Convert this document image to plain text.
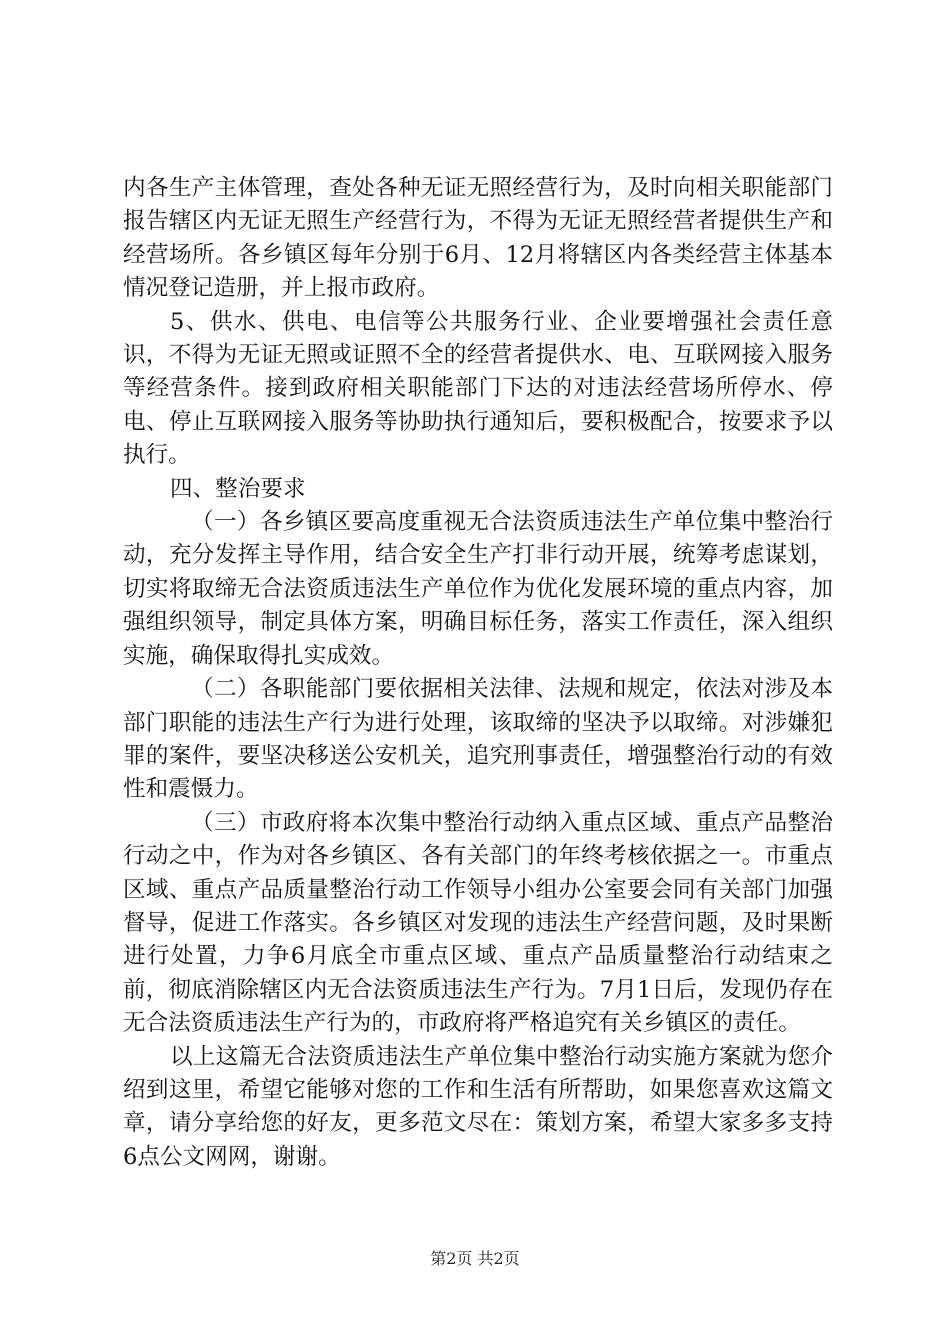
内各生产主体管理，查处各种无证无照经营行为，及时向相关职能部门报告辖区内无证无照生产经营行为，不得为无证无照经营者提供生产和经营场所。各乡镇区每年分别于6月、12月将辖区内各类经营主体基本情况登记造册，并上报市政府。

5、供水、供电、电信等公共服务行业、企业要增强社会责任意识，不得为无证无照或证照不全的经营者提供水、电、互联网接入服务等经营条件。接到政府相关职能部门下达的对违法经营场所停水、停电、停止互联网接入服务等协助执行通知后，要积极配合，按要求予以执行。

四、整治要求

（一）各乡镇区要高度重视无合法资质违法生产单位集中整治行动，充分发挥主导作用，结合安全生产打非行动开展，统筹考虑谋划，切实将取缔无合法资质违法生产单位作为优化发展环境的重点内容，加强组织领导，制定具体方案，明确目标任务，落实工作责任，深入组织实施，确保取得扎实成效。

（二）各职能部门要依据相关法律、法规和规定，依法对涉及本部门职能的违法生产行为进行处理，该取缔的坚决予以取缔。对涉嫌犯罪的案件，要坚决移送公安机关，追究刑事责任，增强整治行动的有效性和震慑力。

（三）市政府将本次集中整治行动纳入重点区域、重点产品整治行动之中，作为对各乡镇区、各有关部门的年终考核依据之一。市重点区域、重点产品质量整治行动工作领导小组办公室要会同有关部门加强督导，促进工作落实。各乡镇区对发现的违法生产经营问题，及时果断进行处置，力争6月底全市重点区域、重点产品质量整治行动结束之前，彻底消除辖区内无合法资质违法生产行为。7月1日后，发现仍存在无合法资质违法生产行为的，市政府将严格追究有关乡镇区的责任。

以上这篇无合法资质违法生产单位集中整治行动实施方案就为您介绍到这里，希望它能够对您的工作和生活有所帮助，如果您喜欢这篇文章，请分享给您的好友，更多范文尽在：策划方案，希望大家多多支持6点公文网网，谢谢。

第2页 共2页
